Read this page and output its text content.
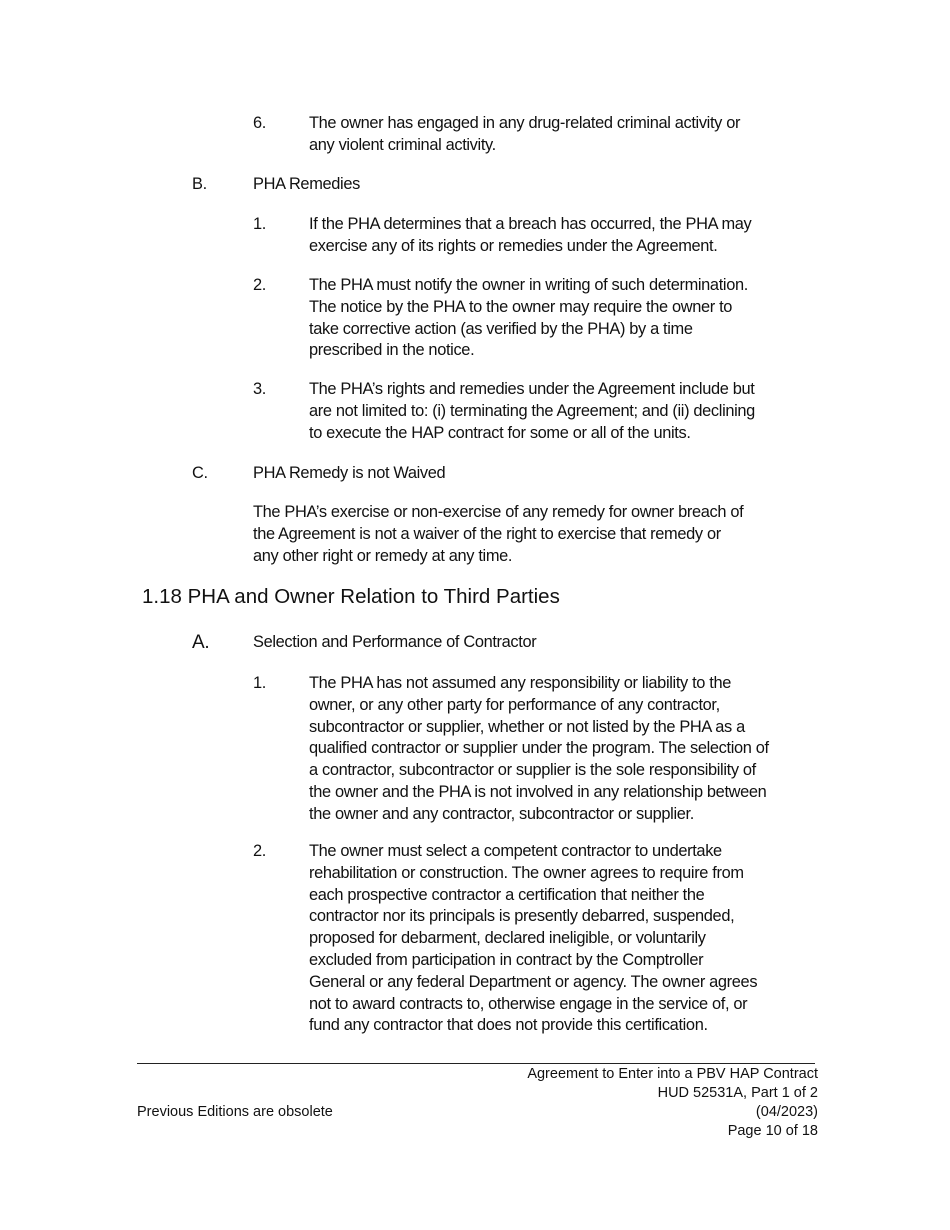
6.	The owner has engaged in any drug-related criminal activity or
any violent criminal activity.
B.	PHA Remedies
1.	If the PHA determines that a breach has occurred, the PHA may
exercise any of its rights or remedies under the Agreement.
2.	The PHA must notify the owner in writing of such determination.
The notice by the PHA to the owner may require the owner to
take corrective action (as verified by the PHA) by a time
prescribed in the notice.
3.	The PHA’s rights and remedies under the Agreement include but
are not limited to: (i) terminating the Agreement; and (ii) declining
to execute the HAP contract for some or all of the units.
C.	PHA Remedy is not Waived
The PHA’s exercise or non-exercise of any remedy for owner breach of
the Agreement is not a waiver of the right to exercise that remedy or
any other right or remedy at any time.
1.18 PHA and Owner Relation to Third Parties
A.	Selection and Performance of Contractor
1.	The PHA has not assumed any responsibility or liability to the
owner, or any other party for performance of any contractor,
subcontractor or supplier, whether or not listed by the PHA as a
qualified contractor or supplier under the program. The selection of
a contractor, subcontractor or supplier is the sole responsibility of
the owner and the PHA is not involved in any relationship between
the owner and any contractor, subcontractor or supplier.
2.	The owner must select a competent contractor to undertake
rehabilitation or construction. The owner agrees to require from
each prospective contractor a certification that neither the
contractor nor its principals is presently debarred, suspended,
proposed for debarment, declared ineligible, or voluntarily
excluded from participation in contract by the Comptroller
General or any federal Department or agency. The owner agrees
not to award contracts to, otherwise engage in the service of, or
fund any contractor that does not provide this certification.
Agreement to Enter into a PBV HAP Contract
HUD 52531A, Part 1 of 2
(04/2023)
Page 10 of 18
Previous Editions are obsolete
